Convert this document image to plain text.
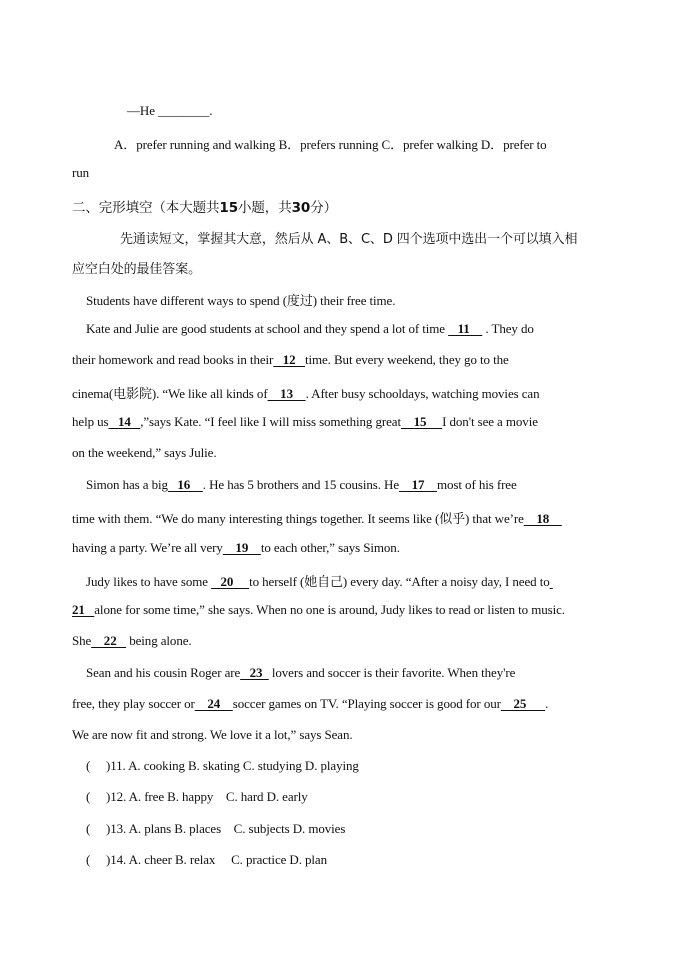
—He ________.
A．prefer running and walking B．prefers running C．prefer walking D．prefer to
run
二、完形填空（本大题共15小题，共30分）
先通读短文，掌握其大意，然后从 A、B、C、D 四个选项中选出一个可以填入相
应空白处的最佳答案。
Students have different ways to spend (度过) their free time.
Kate and Julie are good students at school and they spend a lot of time    11     . They do
their homework and read books in their   12   time. But every weekend, they go to the
cinema(电影院). “We like all kinds of    13    . After busy schooldays, watching movies can
help us   14   ,”says Kate. “I feel like I will miss something great    15     I don't see a movie
on the weekend,” says Julie.
Simon has a big   16    . He has 5 brothers and 15 cousins. He    17    most of his free
time with them. “We do many interesting things together. It seems like (似乎) that we’re    18
having a party. We’re all very    19    to each other,” says Simon.
Judy likes to have some    20     to herself (她自己) every day. “After a noisy day, I need to
21   alone for some time,” she says. When no one is around, Judy likes to read or listen to music.
She    22    being alone.
Sean and his cousin Roger are   23   lovers and soccer is their favorite. When they're
free, they play soccer or    24    soccer games on TV. “Playing soccer is good for our    25      .
We are now fit and strong. We love it a lot,” says Sean.
(     )11. A. cooking B. skating C. studying D. playing
(     )12. A. free B. happy    C. hard D. early
(     )13. A. plans B. places    C. subjects D. movies
(     )14. A. cheer B. relax     C. practice D. plan
